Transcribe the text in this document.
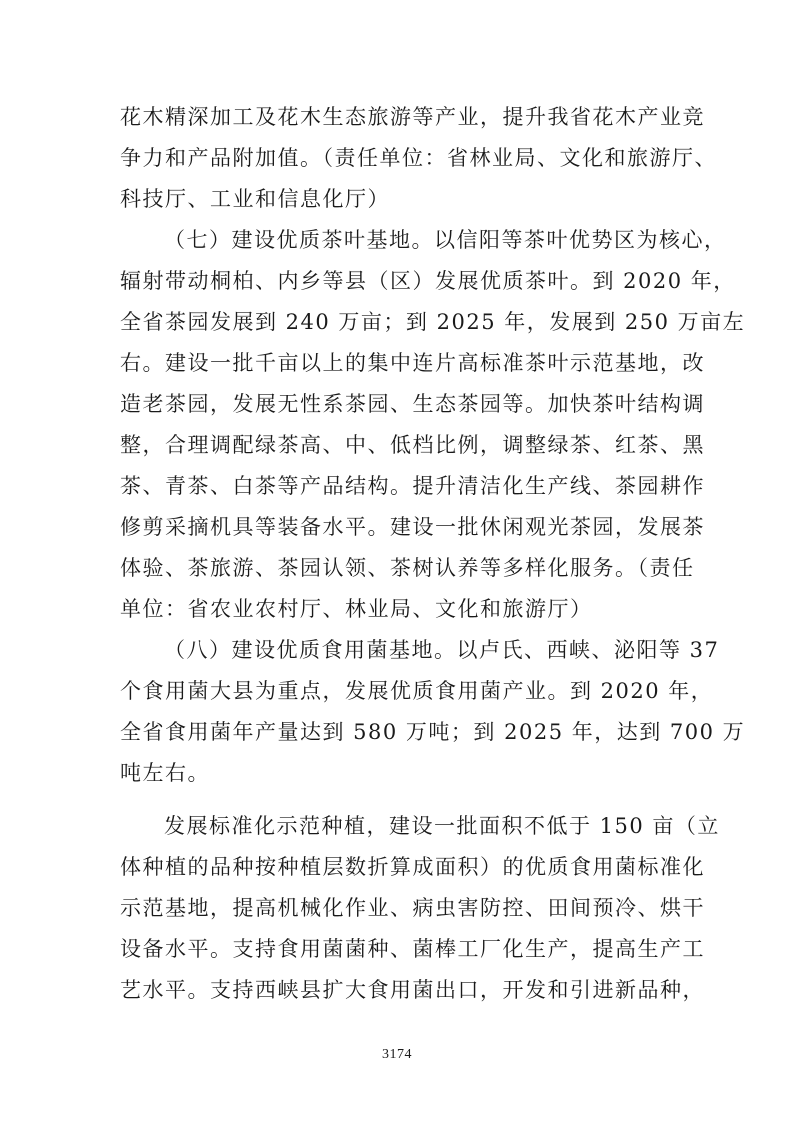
花木精深加工及花木生态旅游等产业，提升我省花木产业竞
争力和产品附加值。（责任单位：省林业局、文化和旅游厅、
科技厅、工业和信息化厅）
（七）建设优质茶叶基地。以信阳等茶叶优势区为核心，
辐射带动桐柏、内乡等县（区）发展优质茶叶。到 2020 年，
全省茶园发展到 240 万亩；到 2025 年，发展到 250 万亩左
右。建设一批千亩以上的集中连片高标准茶叶示范基地，改
造老茶园，发展无性系茶园、生态茶园等。加快茶叶结构调
整，合理调配绿茶高、中、低档比例，调整绿茶、红茶、黑
茶、青茶、白茶等产品结构。提升清洁化生产线、茶园耕作
修剪采摘机具等装备水平。建设一批休闲观光茶园，发展茶
体验、茶旅游、茶园认领、茶树认养等多样化服务。（责任
单位：省农业农村厅、林业局、文化和旅游厅）
（八）建设优质食用菌基地。以卢氏、西峡、泌阳等 37
个食用菌大县为重点，发展优质食用菌产业。到 2020 年，
全省食用菌年产量达到 580 万吨；到 2025 年，达到 700 万
吨左右。
发展标准化示范种植，建设一批面积不低于 150 亩（立
体种植的品种按种植层数折算成面积）的优质食用菌标准化
示范基地，提高机械化作业、病虫害防控、田间预冷、烘干
设备水平。支持食用菌菌种、菌棒工厂化生产，提高生产工
艺水平。支持西峡县扩大食用菌出口，开发和引进新品种，
3174
